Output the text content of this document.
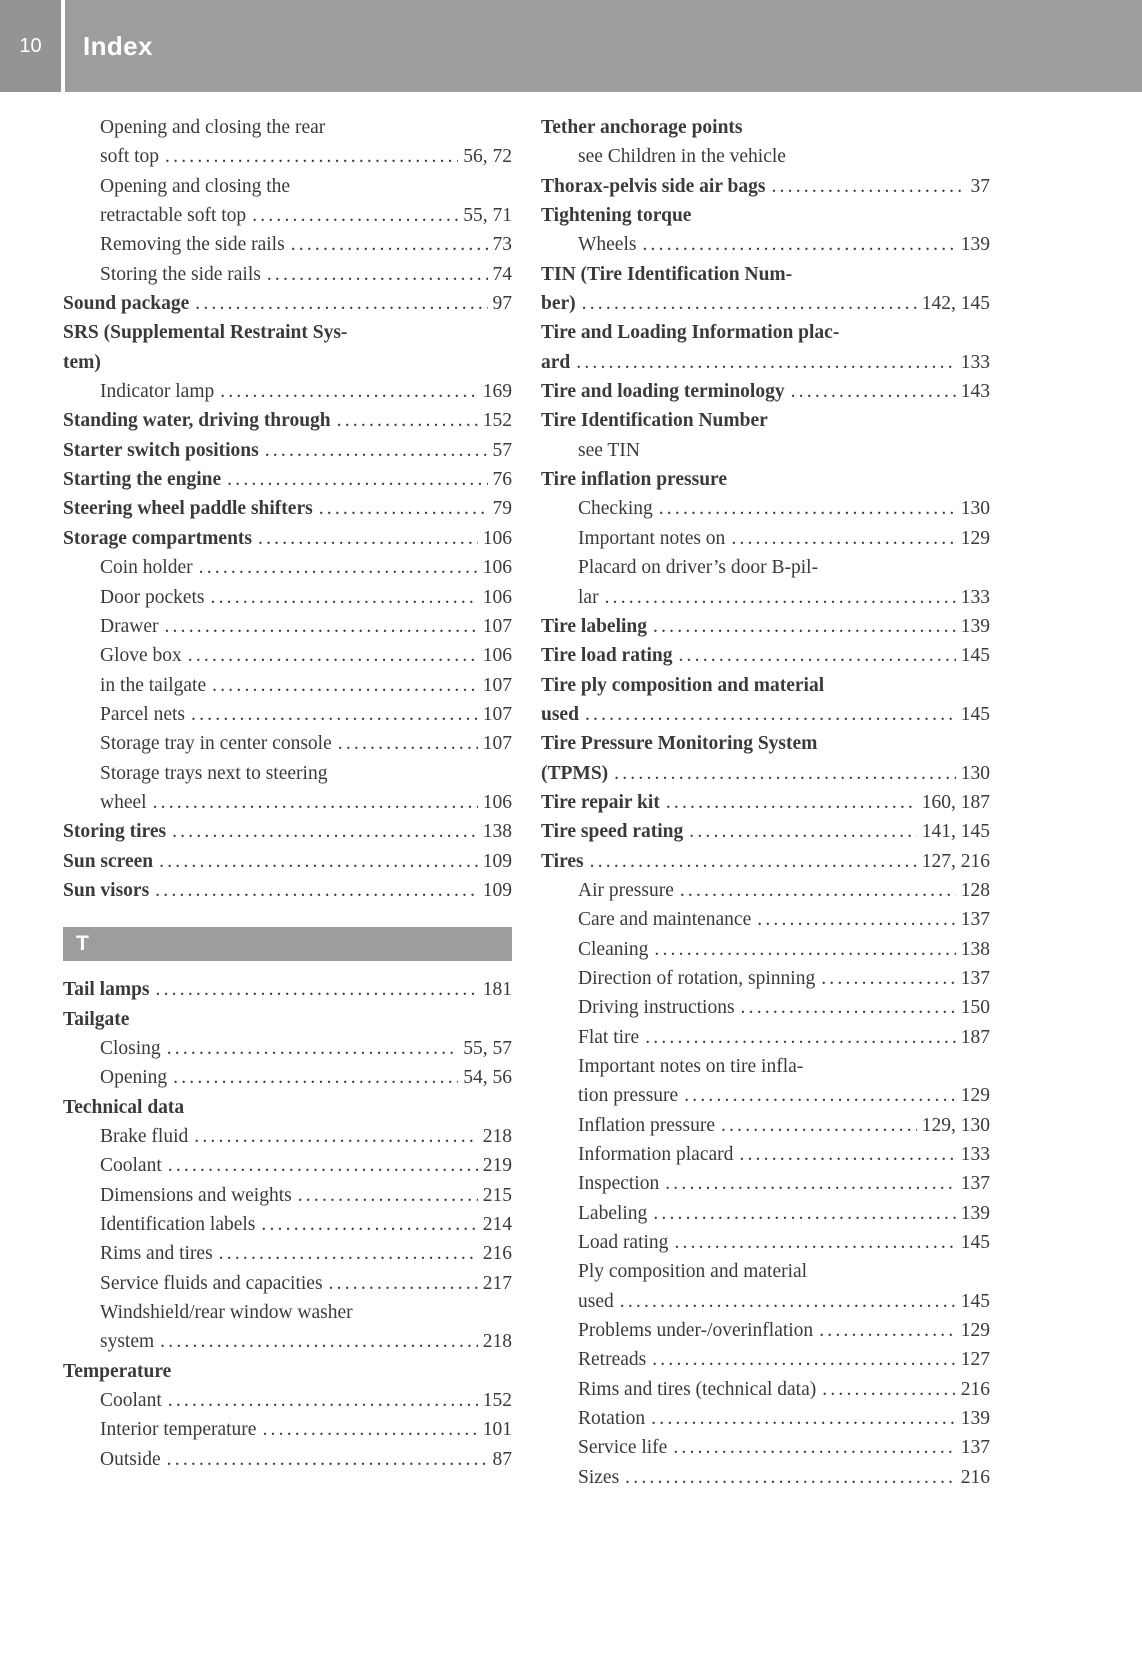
10	Index
Opening and closing the rear
soft top .....	56, 72
Opening and closing the
retractable soft top .....	55, 71
Removing the side rails .....	73
Storing the side rails .....	74
Sound package .....	97
SRS (Supplemental Restraint Sys-
tem)
Indicator lamp .....	169
Standing water, driving through .....	152
Starter switch positions .....	57
Starting the engine .....	76
Steering wheel paddle shifters .....	79
Storage compartments .....	106
Coin holder .....	106
Door pockets .....	106
Drawer .....	107
Glove box .....	106
in the tailgate .....	107
Parcel nets .....	107
Storage tray in center console .....	107
Storage trays next to steering
wheel .....	106
Storing tires .....	138
Sun screen .....	109
Sun visors .....	109
T
Tail lamps .....	181
Tailgate
Closing .....	55, 57
Opening .....	54, 56
Technical data
Brake fluid .....	218
Coolant .....	219
Dimensions and weights .....	215
Identification labels .....	214
Rims and tires .....	216
Service fluids and capacities .....	217
Windshield/rear window washer
system .....	218
Temperature
Coolant .....	152
Interior temperature .....	101
Outside .....	87
Tether anchorage points
see Children in the vehicle
Thorax-pelvis side air bags .....	37
Tightening torque
Wheels .....	139
TIN (Tire Identification Num-
ber) .....	142, 145
Tire and Loading Information plac-
ard .....	133
Tire and loading terminology .....	143
Tire Identification Number
see TIN
Tire inflation pressure
Checking .....	130
Important notes on .....	129
Placard on driver’s door B-pil-
lar .....	133
Tire labeling .....	139
Tire load rating .....	145
Tire ply composition and material
used .....	145
Tire Pressure Monitoring System
(TPMS) .....	130
Tire repair kit .....	160, 187
Tire speed rating .....	141, 145
Tires .....	127, 216
Air pressure .....	128
Care and maintenance .....	137
Cleaning .....	138
Direction of rotation, spinning .....	137
Driving instructions .....	150
Flat tire .....	187
Important notes on tire infla-
tion pressure .....	129
Inflation pressure .....	129, 130
Information placard .....	133
Inspection .....	137
Labeling .....	139
Load rating .....	145
Ply composition and material
used .....	145
Problems under-/overinflation .....	129
Retreads .....	127
Rims and tires (technical data) .....	216
Rotation .....	139
Service life .....	137
Sizes .....	216
